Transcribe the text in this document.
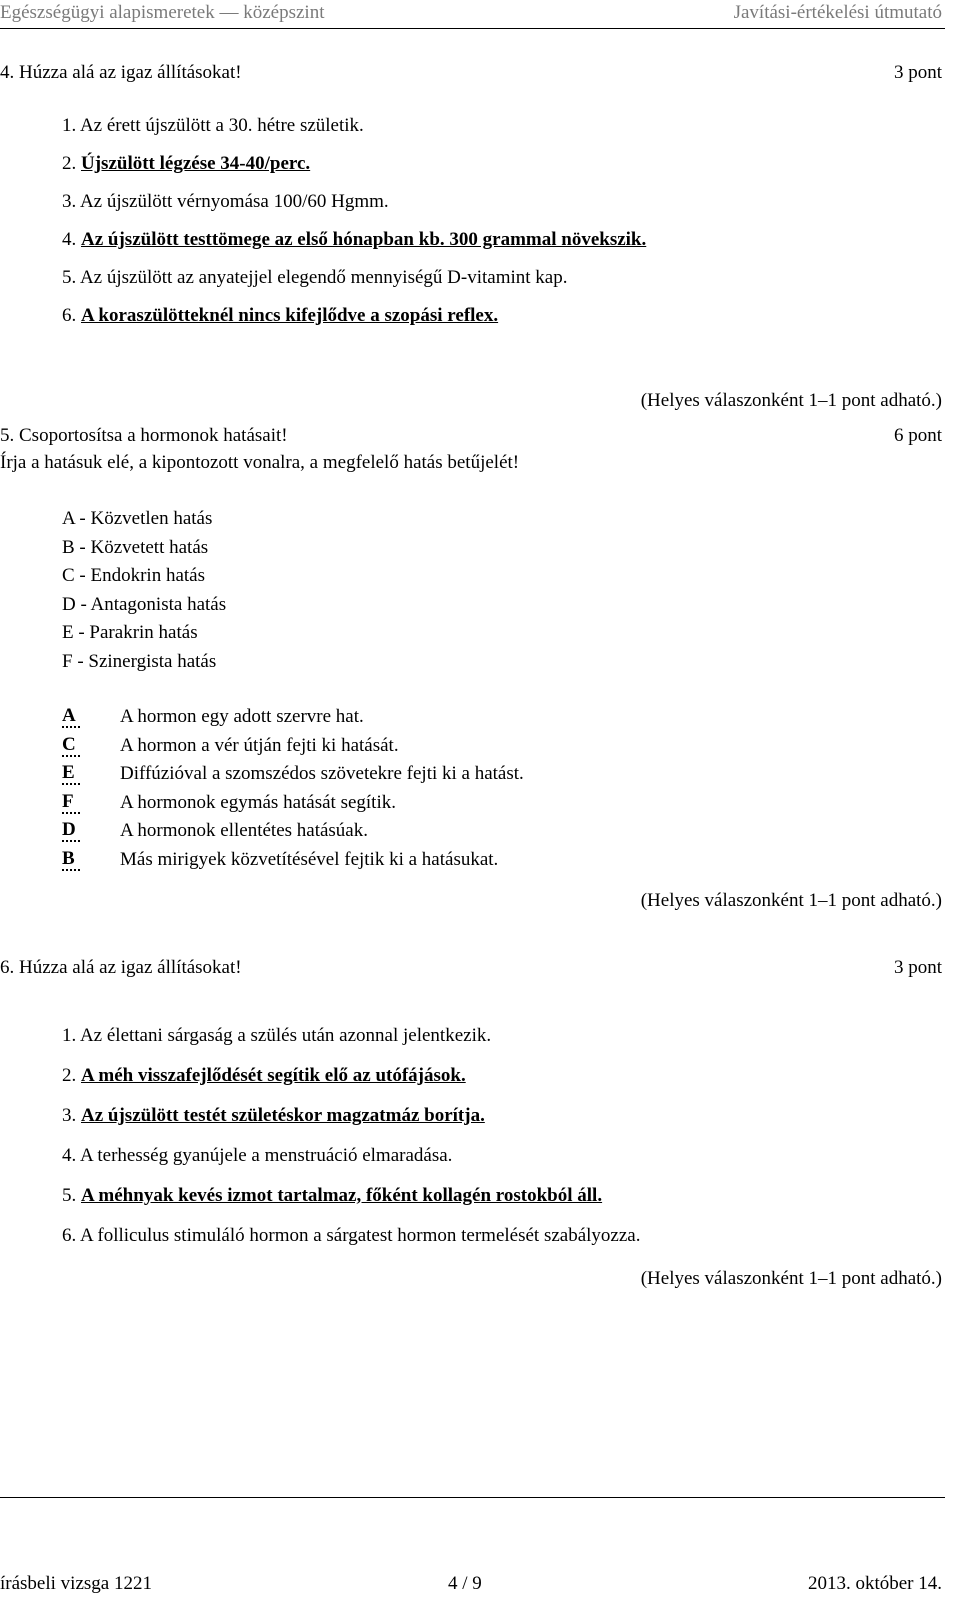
Egészségügyi alapismeretek — középszint	Javítási-értékelési útmutató
4. Húzza alá az igaz állításokat!	3 pont
1. Az érett újszülött a 30. hétre születik.
2. Újszülött légzése 34-40/perc.
3. Az újszülött vérnyomása 100/60 Hgmm.
4. Az újszülött testtömege az első hónapban kb. 300 grammal növekszik.
5. Az újszülött az anyatejjel elegendő mennyiségű D-vitamint kap.
6. A koraszülötteknél nincs kifejlődve a szopási reflex.
(Helyes válaszonként 1–1 pont adható.)
5. Csoportosítsa a hormonok hatásait!	6 pont
Írja a hatásuk elé, a kipontozott vonalra, a megfelelő hatás betűjelét!
A - Közvetlen hatás
B - Közvetett hatás
C - Endokrin hatás
D - Antagonista hatás
E - Parakrin hatás
F - Szinergista hatás
A A hormon egy adott szervre hat.
C A hormon a vér útján fejti ki hatását.
E Diffúzióval a szomszédos szövetekre fejti ki a hatást.
F	A hormonok egymás hatását segítik.
D A hormonok ellentétes hatásúak.
B Más mirigyek közvetítésével fejtik ki a hatásukat.
(Helyes válaszonként 1–1 pont adható.)
6. Húzza alá az igaz állításokat!	3 pont
1. Az élettani sárgaság a szülés után azonnal jelentkezik.
2. A méh visszafejlődését segítik elő az utófájások.
3. Az újszülött testét születéskor magzatmáz borítja.
4. A terhesség gyanújele a menstruáció elmaradása.
5. A méhnyak kevés izmot tartalmaz, főként kollagén rostokból áll.
6. A folliculus stimuláló hormon a sárgatest hormon termelését szabályozza.
(Helyes válaszonként 1–1 pont adható.)
írásbeli vizsga 1221	4 / 9	2013. október 14.
